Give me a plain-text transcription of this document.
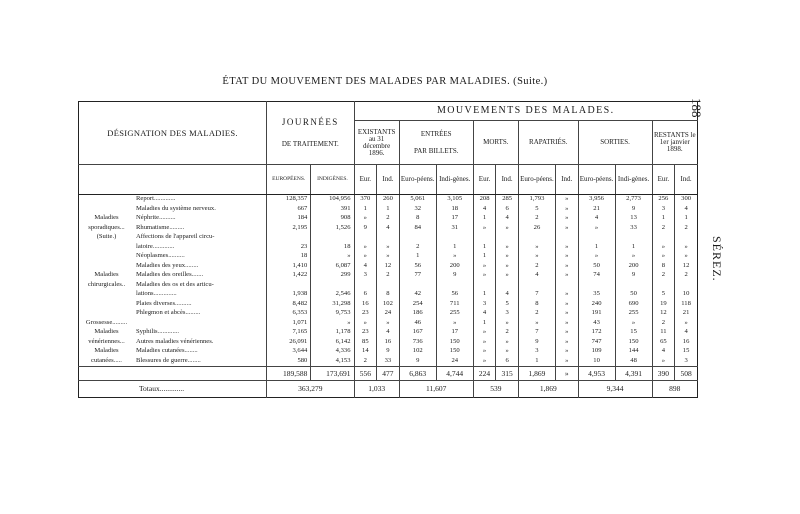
ÉTAT DU MOUVEMENT DES MALADES PAR MALADIES. (Suite.)
188
SÉREZ.
DÉSIGNATION DES MALADIES.		JOURNÉES
DE TRAITEMENT.		MOUVEMENTS DES MALADES.											
				EXISTANTS au 31 décembre 1896.		ENTRÉES
PAR BILLETS.		MORTS.		RAPATRIÉS.		SORTIES.		RESTANTS le 1er janvier 1898.	
		EUROPÉENS.	INDIGÈNES.	Eur.	Ind.	Euro-péens.	Indi-gènes.	Eur.	Ind.	Euro-péens.	Ind.	Euro-péens.	Indi-gènes.	Eur.	Ind.
	Report.............	128,357	104,956	370	260	5,061	3,105	208	285	1,793	»	3,956	2,773	256	300
	Maladies du système nerveux.	667	391	1	1	32	18	4	6	5	»	21	9	3	4
Maladies	Néphrite..........	184	908	»	2	8	17	1	4	2	»	4	13	1	1
sporadiques...	Rhumatisme.........	2,195	1,526	9	4	84	31	»	»	26	»	»	33	2	2
(Suite.)	Affections de l'appareil circu-														
	latoire.............	23	18	»	»	2	1	1	»	»	»	1	1	»	»
	Néoplasmes..........	18	»	»	»	1	»	1	»	»	»	»	»	»	»
	Maladies des yeux........	1,410	6,087	4	12	56	200	»	»	2	»	50	200	8	12
Maladies	Maladies des oreilles.......	1,422	299	3	2	77	9	»	»	4	»	74	9	2	2
chirurgicales..	Maladies des os et des articu-														
	lations..............	1,938	2,546	6	8	42	56	1	4	7	»	35	50	5	10
	Plaies diverses..........	8,482	31,298	16	102	254	711	3	5	8	»	240	690	19	118
	Phlegmon et abcès.........	6,353	9,753	23	24	186	255	4	3	2	»	191	255	12	21
Grossesse.........		1,071	»	»	»	46	»	1	»	»	»	43	»	2	»
Maladies	Syphilis.............	7,165	1,178	23	4	167	17	»	2	7	»	172	15	11	4
vénériennes...	Autres maladies vénériennes.	26,091	6,142	85	16	736	150	»	»	9	»	747	150	65	16
Maladies	Maladies cutanées........	3,644	4,336	14	9	102	150	»	»	3	»	109	144	4	15
cutanées.....	Blessures de guerre........	580	4,153	2	33	9	24	»	6	1	»	10	48	»	3
		189,588	173,691	556	477	6,863	4,744	224	315	1,869	»	4,953	4,391	390	508
Totaux.............		363,279		1,033		11,607		539		1,869		9,344		898	
